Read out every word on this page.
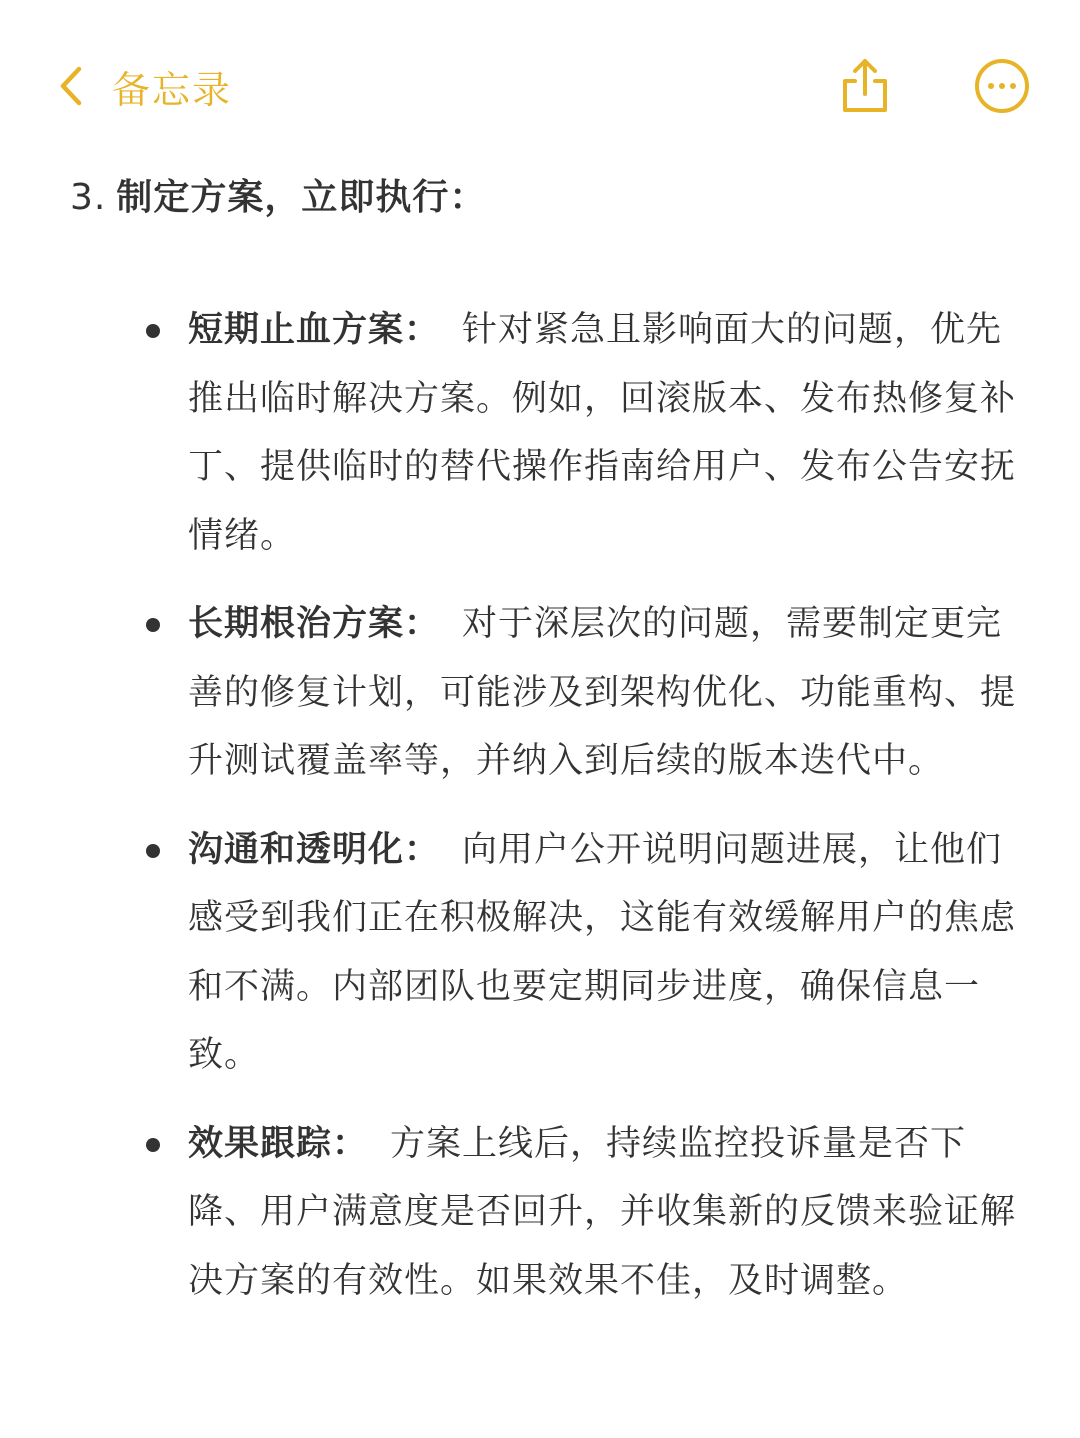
备忘录

3. 制定方案，立即执行：

短期止血方案： 针对紧急且影响面大的问题，优先推出临时解决方案。例如，回滚版本、发布热修复补丁、提供临时的替代操作指南给用户、发布公告安抚情绪。
长期根治方案： 对于深层次的问题，需要制定更完善的修复计划，可能涉及到架构优化、功能重构、提升测试覆盖率等，并纳入到后续的版本迭代中。
沟通和透明化： 向用户公开说明问题进展，让他们感受到我们正在积极解决，这能有效缓解用户的焦虑和不满。内部团队也要定期同步进度，确保信息一致。
效果跟踪： 方案上线后，持续监控投诉量是否下降、用户满意度是否回升，并收集新的反馈来验证解决方案的有效性。如果效果不佳，及时调整。
